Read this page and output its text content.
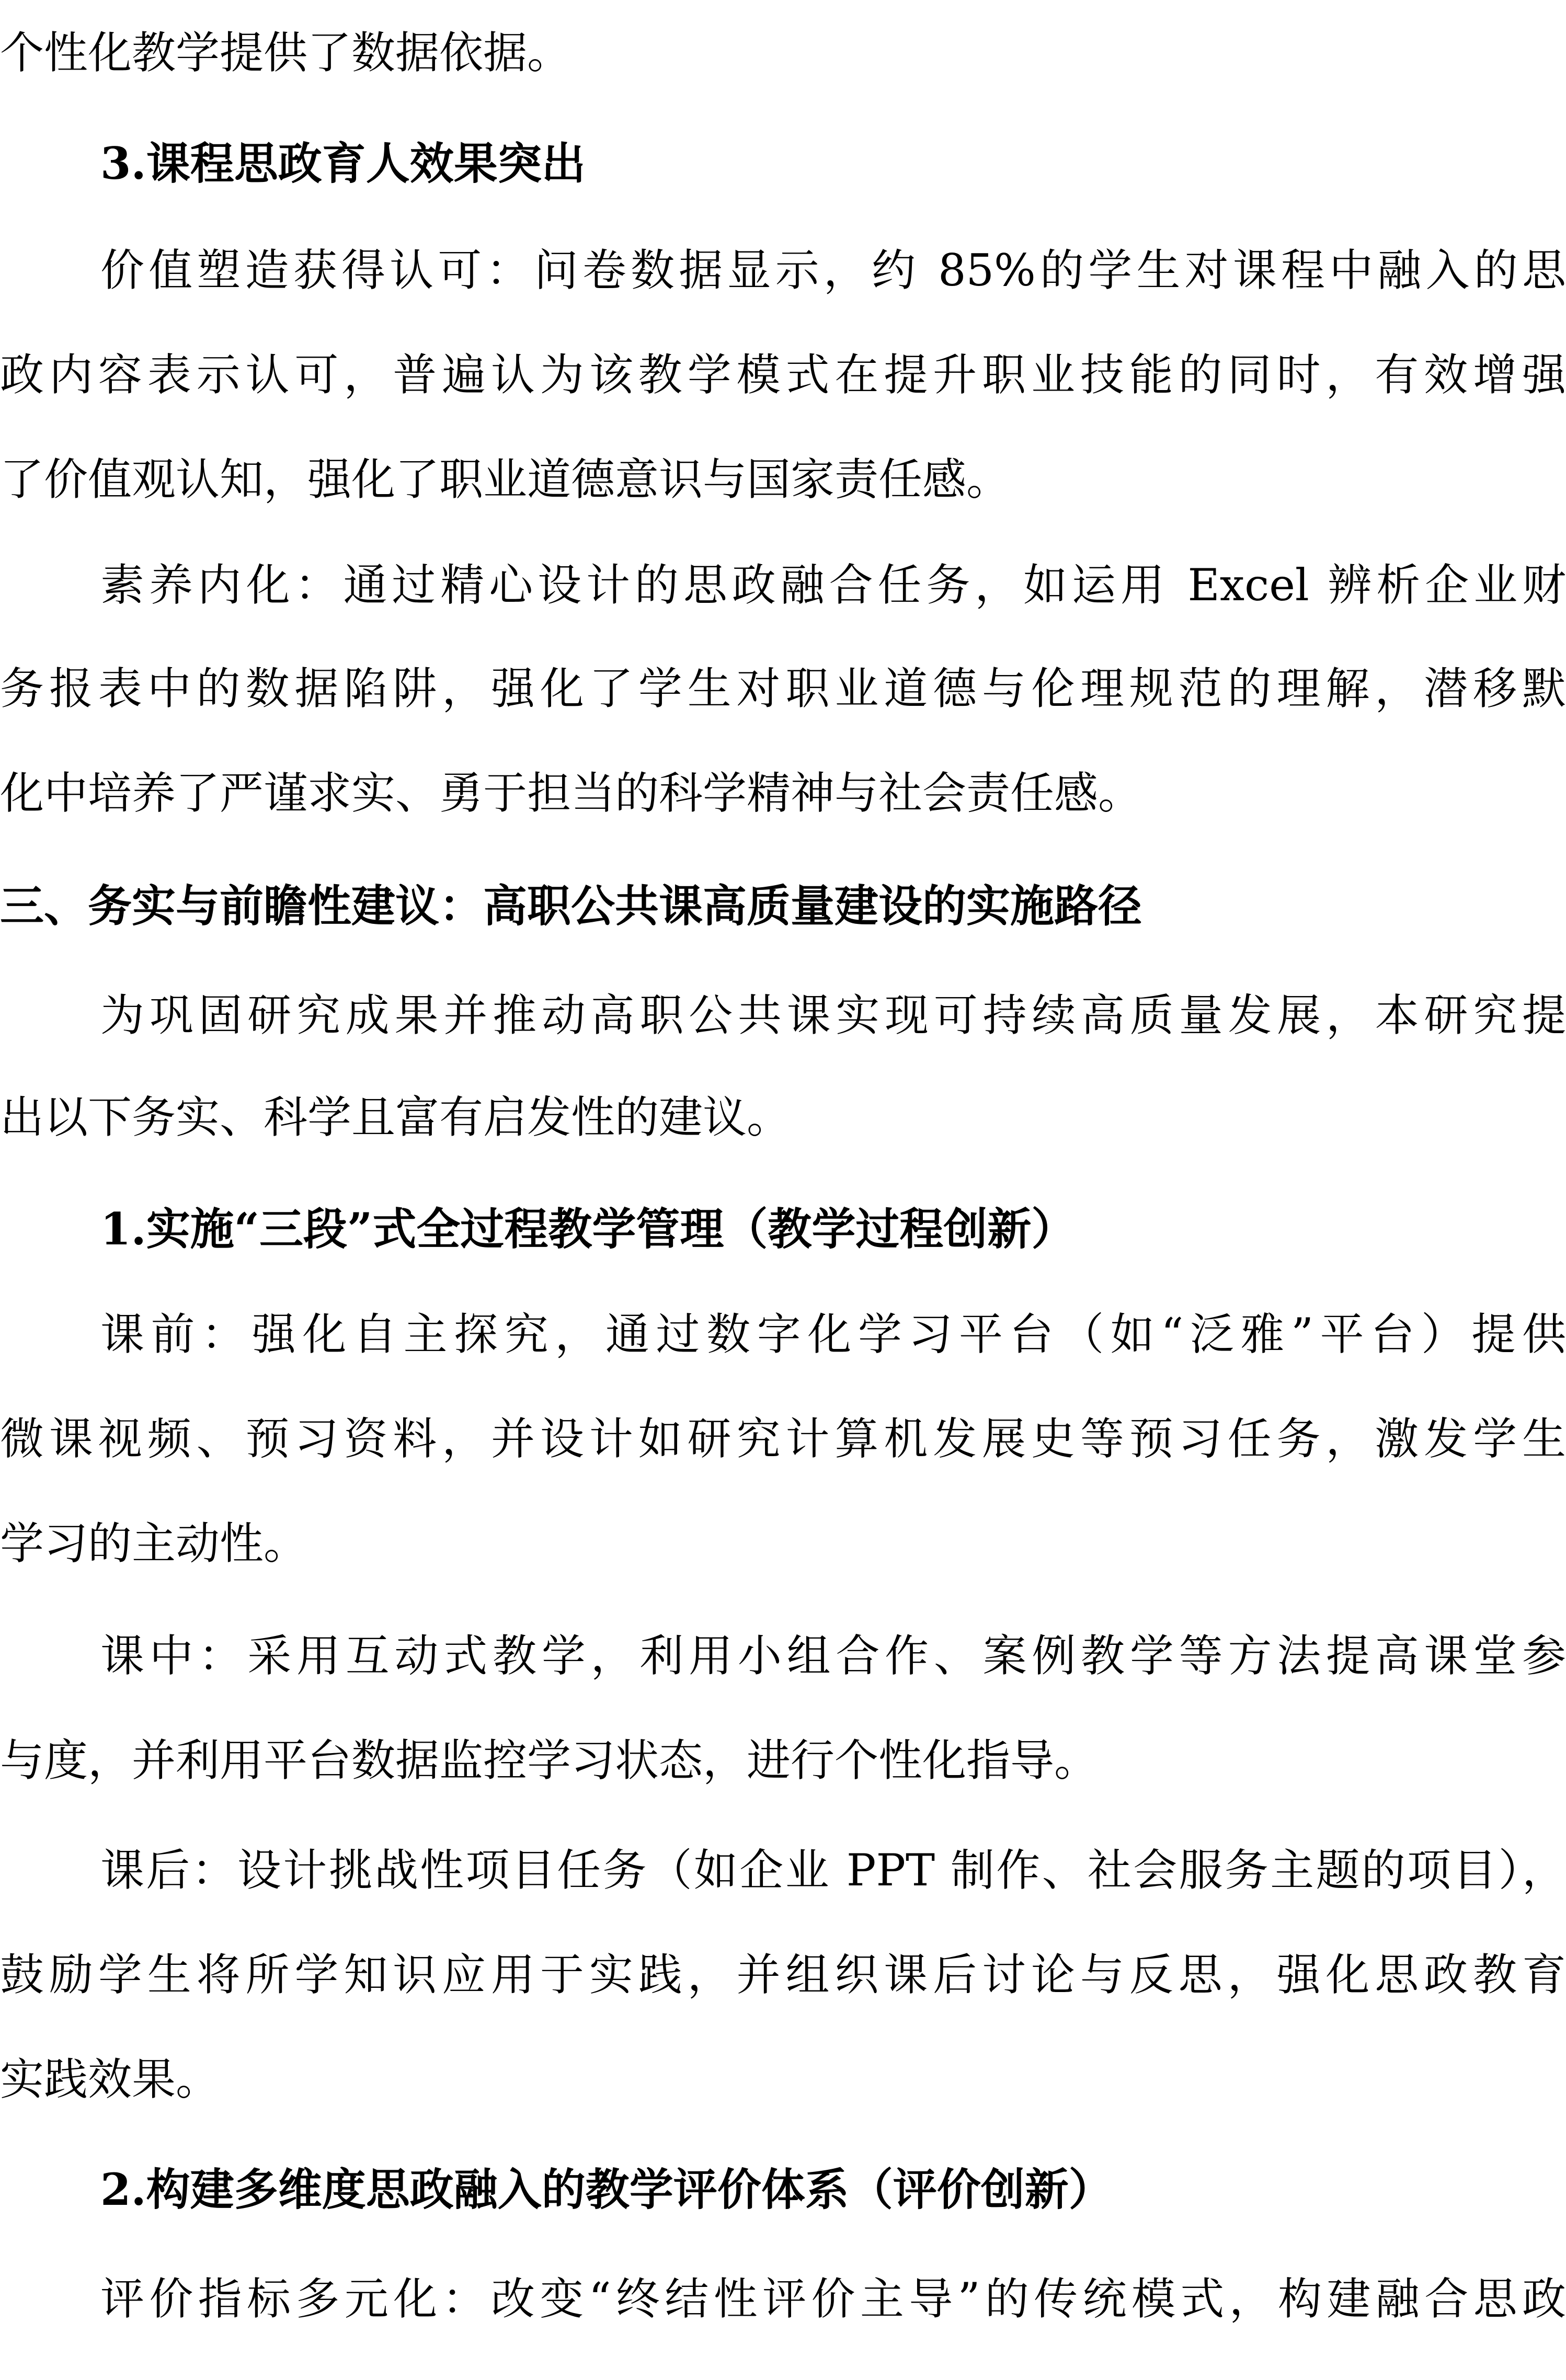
个性化教学提供了数据依据。
3.课程思政育人效果突出
价值塑造获得认可：问卷数据显示，约 85%的学生对课程中融入的思
政内容表示认可，普遍认为该教学模式在提升职业技能的同时，有效增强
了价值观认知，强化了职业道德意识与国家责任感。
素养内化：通过精心设计的思政融合任务，如运用 Excel 辨析企业财
务报表中的数据陷阱，强化了学生对职业道德与伦理规范的理解，潜移默
化中培养了严谨求实、勇于担当的科学精神与社会责任感。
三、务实与前瞻性建议：高职公共课高质量建设的实施路径
为巩固研究成果并推动高职公共课实现可持续高质量发展，本研究提
出以下务实、科学且富有启发性的建议。
1.实施“三段”式全过程教学管理（教学过程创新）
课前：强化自主探究，通过数字化学习平台（如“泛雅”平台）提供
微课视频、预习资料，并设计如研究计算机发展史等预习任务，激发学生
学习的主动性。
课中：采用互动式教学，利用小组合作、案例教学等方法提高课堂参
与度，并利用平台数据监控学习状态，进行个性化指导。
课后：设计挑战性项目任务（如企业 PPT 制作、社会服务主题的项目），
鼓励学生将所学知识应用于实践，并组织课后讨论与反思，强化思政教育
实践效果。
2.构建多维度思政融入的教学评价体系（评价创新）
评价指标多元化：改变“终结性评价主导”的传统模式，构建融合思政
